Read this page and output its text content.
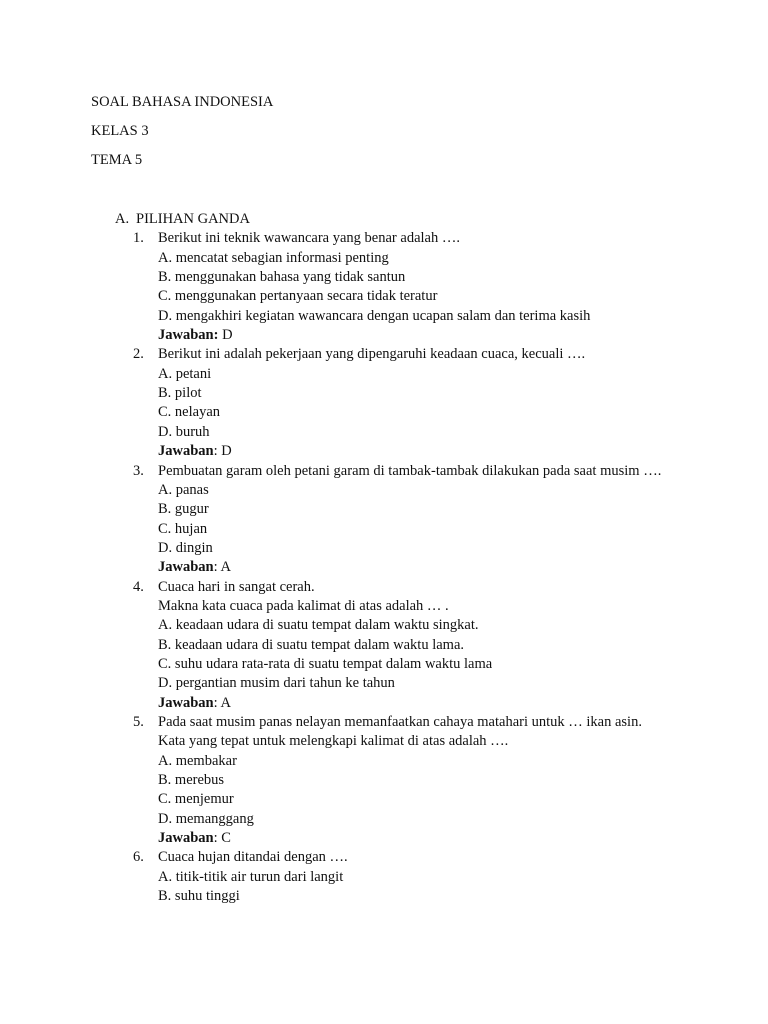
SOAL BAHASA INDONESIA
KELAS 3
TEMA 5
A. PILIHAN GANDA
1. Berikut ini teknik wawancara yang benar adalah ….
A. mencatat sebagian informasi penting
B. menggunakan bahasa yang tidak santun
C. menggunakan pertanyaan secara tidak teratur
D. mengakhiri kegiatan wawancara dengan ucapan salam dan terima kasih
Jawaban: D
2. Berikut ini adalah pekerjaan yang dipengaruhi keadaan cuaca, kecuali ….
A. petani
B. pilot
C. nelayan
D. buruh
Jawaban: D
3. Pembuatan garam oleh petani garam di tambak-tambak dilakukan pada saat musim ….
A. panas
B. gugur
C. hujan
D. dingin
Jawaban: A
4. Cuaca hari in sangat cerah.
Makna kata cuaca pada kalimat di atas adalah … .
A. keadaan udara di suatu tempat dalam waktu singkat.
B. keadaan udara di suatu tempat dalam waktu lama.
C. suhu udara rata-rata di suatu tempat dalam waktu lama
D. pergantian musim dari tahun ke tahun
Jawaban: A
5. Pada saat musim panas nelayan memanfaatkan cahaya matahari untuk … ikan asin.
Kata yang tepat untuk melengkapi kalimat di atas adalah ….
A. membakar
B. merebus
C. menjemur
D. memanggang
Jawaban: C
6. Cuaca hujan ditandai dengan ….
A. titik-titik air turun dari langit
B. suhu tinggi
